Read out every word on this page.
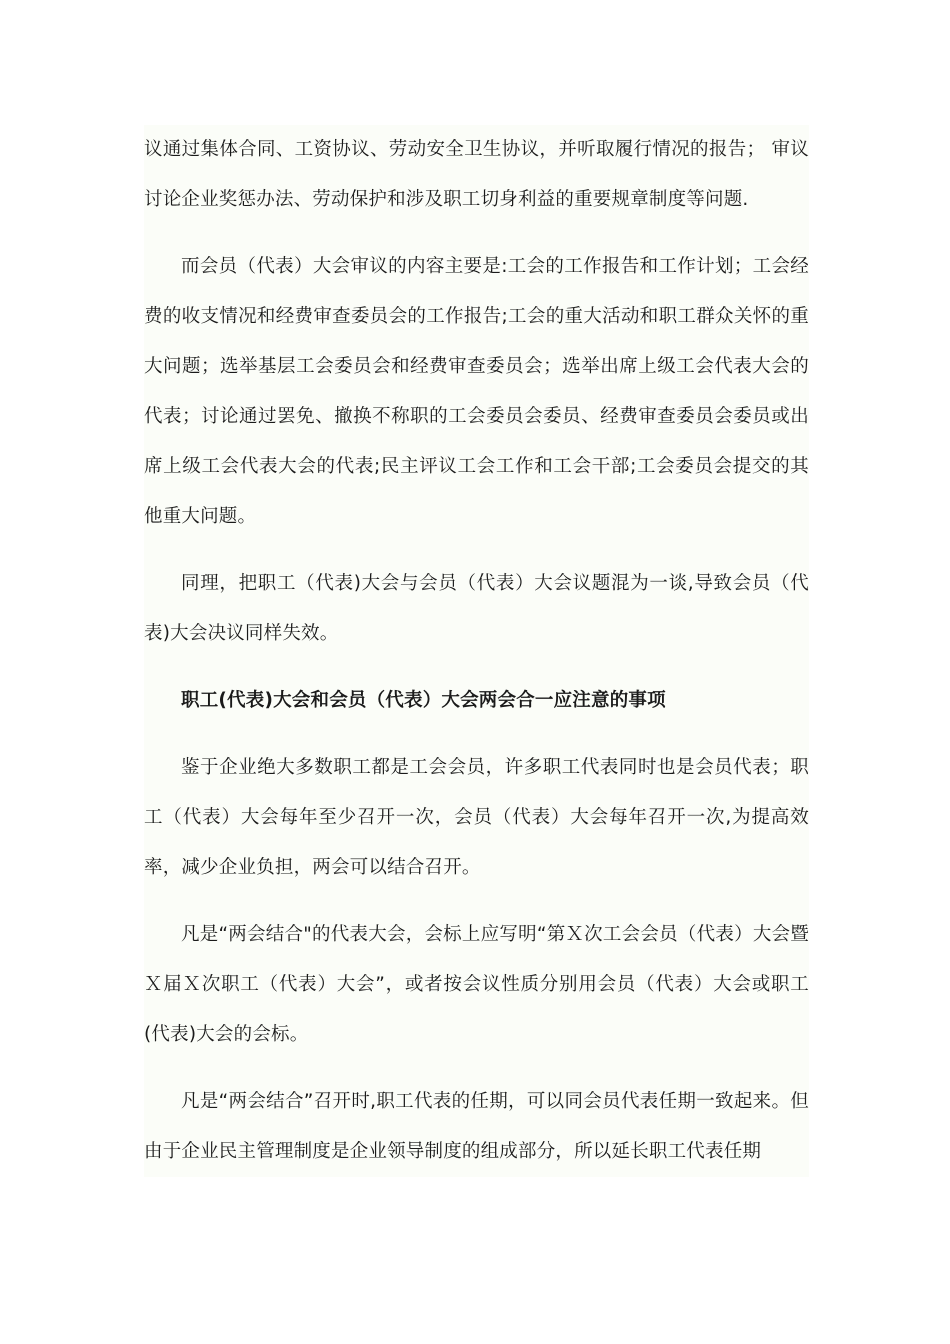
议通过集体合同、工资协议、劳动安全卫生协议，并听取履行情况的报告； 审议讨论企业奖惩办法、劳动保护和涉及职工切身利益的重要规章制度等问题.

而会员（代表）大会审议的内容主要是:工会的工作报告和工作计划；工会经费的收支情况和经费审查委员会的工作报告;工会的重大活动和职工群众关怀的重大问题；选举基层工会委员会和经费审查委员会；选举出席上级工会代表大会的代表；讨论通过罢免、撤换不称职的工会委员会委员、经费审查委员会委员或出席上级工会代表大会的代表;民主评议工会工作和工会干部;工会委员会提交的其他重大问题。

同理，把职工（代表)大会与会员（代表）大会议题混为一谈,导致会员（代表)大会决议同样失效。

职工(代表)大会和会员（代表）大会两会合一应注意的事项

鉴于企业绝大多数职工都是工会会员，许多职工代表同时也是会员代表；职工（代表）大会每年至少召开一次，会员（代表）大会每年召开一次,为提高效率，减少企业负担，两会可以结合召开。

凡是“两会结合"的代表大会，会标上应写明“第Ｘ次工会会员（代表）大会暨Ｘ届Ｘ次职工（代表）大会”，或者按会议性质分别用会员（代表）大会或职工(代表)大会的会标。

凡是“两会结合”召开时,职工代表的任期，可以同会员代表任期一致起来。但由于企业民主管理制度是企业领导制度的组成部分，所以延长职工代表任期
